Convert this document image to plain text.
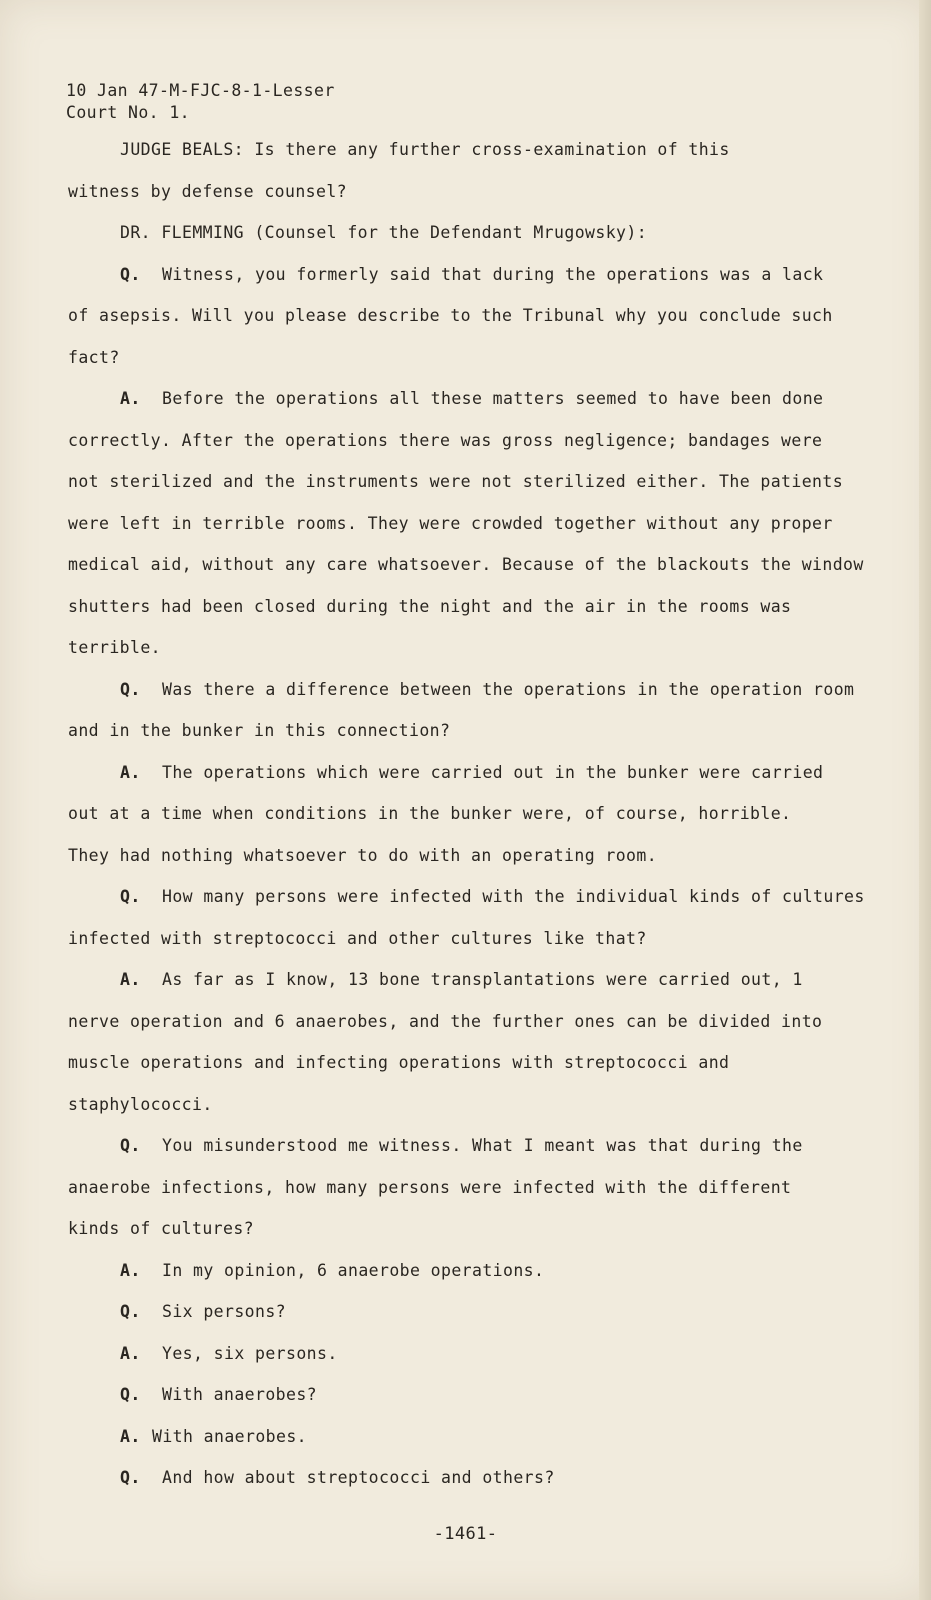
10 Jan 47-M-FJC-8-1-Lesser
Court No. 1.
JUDGE BEALS: Is there any further cross-examination of this
witness by defense counsel?
DR. FLEMMING (Counsel for the Defendant Mrugowsky):
Q. Witness, you formerly said that during the operations was a lack
of asepsis. Will you please describe to the Tribunal why you conclude such
fact?
A. Before the operations all these matters seemed to have been done
correctly. After the operations there was gross negligence; bandages were
not sterilized and the instruments were not sterilized either. The patients
were left in terrible rooms. They were crowded together without any proper
medical aid, without any care whatsoever. Because of the blackouts the window
shutters had been closed during the night and the air in the rooms was
terrible.
Q. Was there a difference between the operations in the operation room
and in the bunker in this connection?
A. The operations which were carried out in the bunker were carried
out at a time when conditions in the bunker were, of course, horrible.
They had nothing whatsoever to do with an operating room.
Q. How many persons were infected with the individual kinds of cultures
infected with streptococci and other cultures like that?
A. As far as I know, 13 bone transplantations were carried out, 1
nerve operation and 6 anaerobes, and the further ones can be divided into
muscle operations and infecting operations with streptococci and
staphylococci.
Q. You misunderstood me witness. What I meant was that during the
anaerobe infections, how many persons were infected with the different
kinds of cultures?
A. In my opinion, 6 anaerobe operations.
Q. Six persons?
A. Yes, six persons.
Q. With anaerobes?
A. With anaerobes.
Q. And how about streptococci and others?
-1461-
